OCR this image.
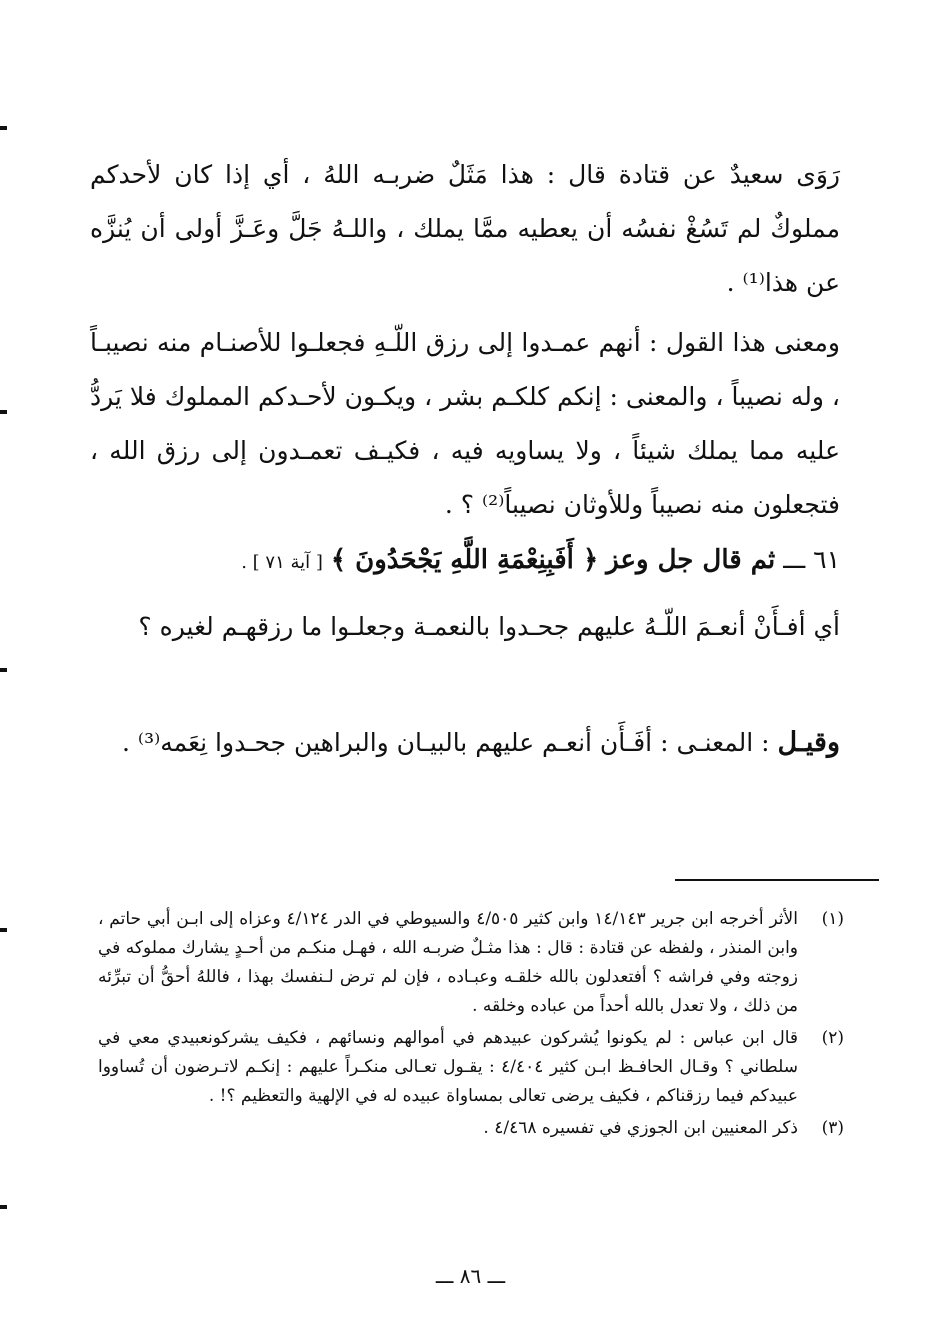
رَوَى سعيدٌ عن قتادة قال : هذا مَثَلٌ ضربـه اللهُ ، أي إذا كان لأحدكم مملوكٌ لم تَسُغْ نفسُه أن يعطيه ممَّا يملك ، واللـهُ جَلَّ وعَـزَّ أولى أن يُنزَّه عن هذا⁽¹⁾ .
ومعنى هذا القول : أنهم عمـدوا إلى رزق اللّـهِ فجعلـوا للأصنـام منه نصيبـاً ، وله نصيباً ، والمعنى : إنكم كلكـم بشر ، ويكـون لأحـدكم المملوك فلا يَردُّ عليه مما يملك شيئاً ، ولا يساويه فيه ، فكيـف تعمـدون إلى رزق الله ، فتجعلون منه نصيباً وللأوثان نصيباً⁽²⁾ ؟ .
٦١ ـــ ثم قال جل وعز ﴿ أَفَبِنِعْمَةِ اللَّهِ يَجْحَدُونَ ﴾ [ آية ٧١ ] .
أي أفـأَنْ أنعـمَ اللّـهُ عليهم جحـدوا بالنعمـة وجعلـوا ما رزقهـم لغيره ؟
وقيـل : المعنـى : أفَـأَن أنعـم عليهم بالبيـان والبراهين جحـدوا نِعَمه⁽³⁾ .
(١)
الأثر أخرجه ابن جرير ١٤/١٤٣ وابن كثير ٤/٥٠٥ والسيوطي في الدر ٤/١٢٤ وعزاه إلى ابـن أبي حاتم ، وابن المنذر ، ولفظه عن قتادة : قال : هذا مثـلٌ ضربـه الله ، فهـل منكـم من أحـدٍ يشارك مملوكه في زوجته وفي فراشه ؟ أفتعدلون بالله خلقـه وعبـاده ، فإن لم ترض لـنفسك بهذا ، فاللهُ أحقُّ أن تبرِّئه من ذلك ، ولا تعدل بالله أحداً من عباده وخلقه .
(٢)
قال ابن عباس : لم يكونوا يُشركون عبيدهم في أموالهم ونسائهم ، فكيف يشركونعبيدي معي في سلطاني ؟ وقـال الحافـظ ابـن كثير ٤/٤٠٤ : يقـول تعـالى منكـراً عليهم : إنكـم لاتـرضون أن تُساووا عبيدكم فيما رزقناكم ، فكيف يرضى تعالى بمساواة عبيده له في الإلهية والتعظيم ؟! .
(٣)
ذكر المعنيين ابن الجوزي في تفسيره ٤/٤٦٨ .
ـــ ٨٦ ـــ
